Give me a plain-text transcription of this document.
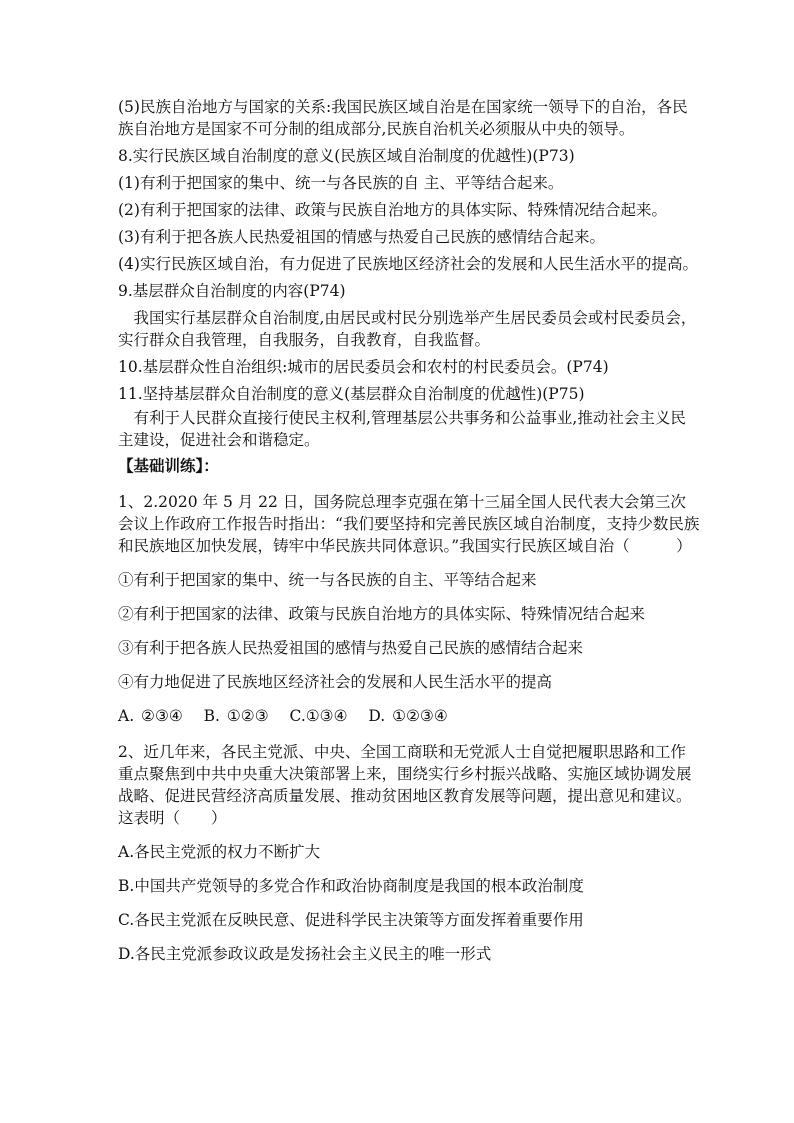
(5)民族自治地方与国家的关系:我国民族区域自治是在国家统一领导下的自治，各民族自治地方是国家不可分制的组成部分,民族自治机关必须服从中央的领导。
8.实行民族区域自治制度的意义(民族区域自治制度的优越性)(P73)
(1)有利于把国家的集中、统一与各民族的自 主、平等结合起来。
(2)有利于把国家的法律、政策与民族自治地方的具体实际、特殊情况结合起来。
(3)有利于把各族人民热爱祖国的情感与热爱自己民族的感情结合起来。
(4)实行民族区域自治，有力促进了民族地区经济社会的发展和人民生活水平的提高。
9.基层群众自治制度的内容(P74)
我国实行基层群众自治制度,由居民或村民分别选举产生居民委员会或村民委员会，实行群众自我管理，自我服务，自我教育，自我监督。
10.基层群众性自治组织:城市的居民委员会和农村的村民委员会。(P74)
11.坚持基层群众自治制度的意义(基层群众自治制度的优越性)(P75)
有利于人民群众直接行使民主权利,管理基层公共事务和公益事业,推动社会主义民主建设，促进社会和谐稳定。
【基础训练】：
1、2.2020 年 5 月 22 日，国务院总理李克强在第十三届全国人民代表大会第三次会议上作政府工作报告时指出：“我们要坚持和完善民族区域自治制度，支持少数民族和民族地区加快发展，铸牢中华民族共同体意识。”我国实行民族区域自治（　　　）
①有利于把国家的集中、统一与各民族的自主、平等结合起来
②有利于把国家的法律、政策与民族自治地方的具体实际、特殊情况结合起来
③有利于把各族人民热爱祖国的感情与热爱自己民族的感情结合起来
④有力地促进了民族地区经济社会的发展和人民生活水平的提高
A. ②③④ B. ①②③ C.①③④ D. ①②③④
2、近几年来，各民主党派、中央、全国工商联和无党派人士自觉把履职思路和工作重点聚焦到中共中央重大决策部署上来，围绕实行乡村振兴战略、实施区域协调发展战略、促进民营经济高质量发展、推动贫困地区教育发展等问题，提出意见和建议。这表明（　　）
A.各民主党派的权力不断扩大
B.中国共产党领导的多党合作和政治协商制度是我国的根本政治制度
C.各民主党派在反映民意、促进科学民主决策等方面发挥着重要作用
D.各民主党派参政议政是发扬社会主义民主的唯一形式
